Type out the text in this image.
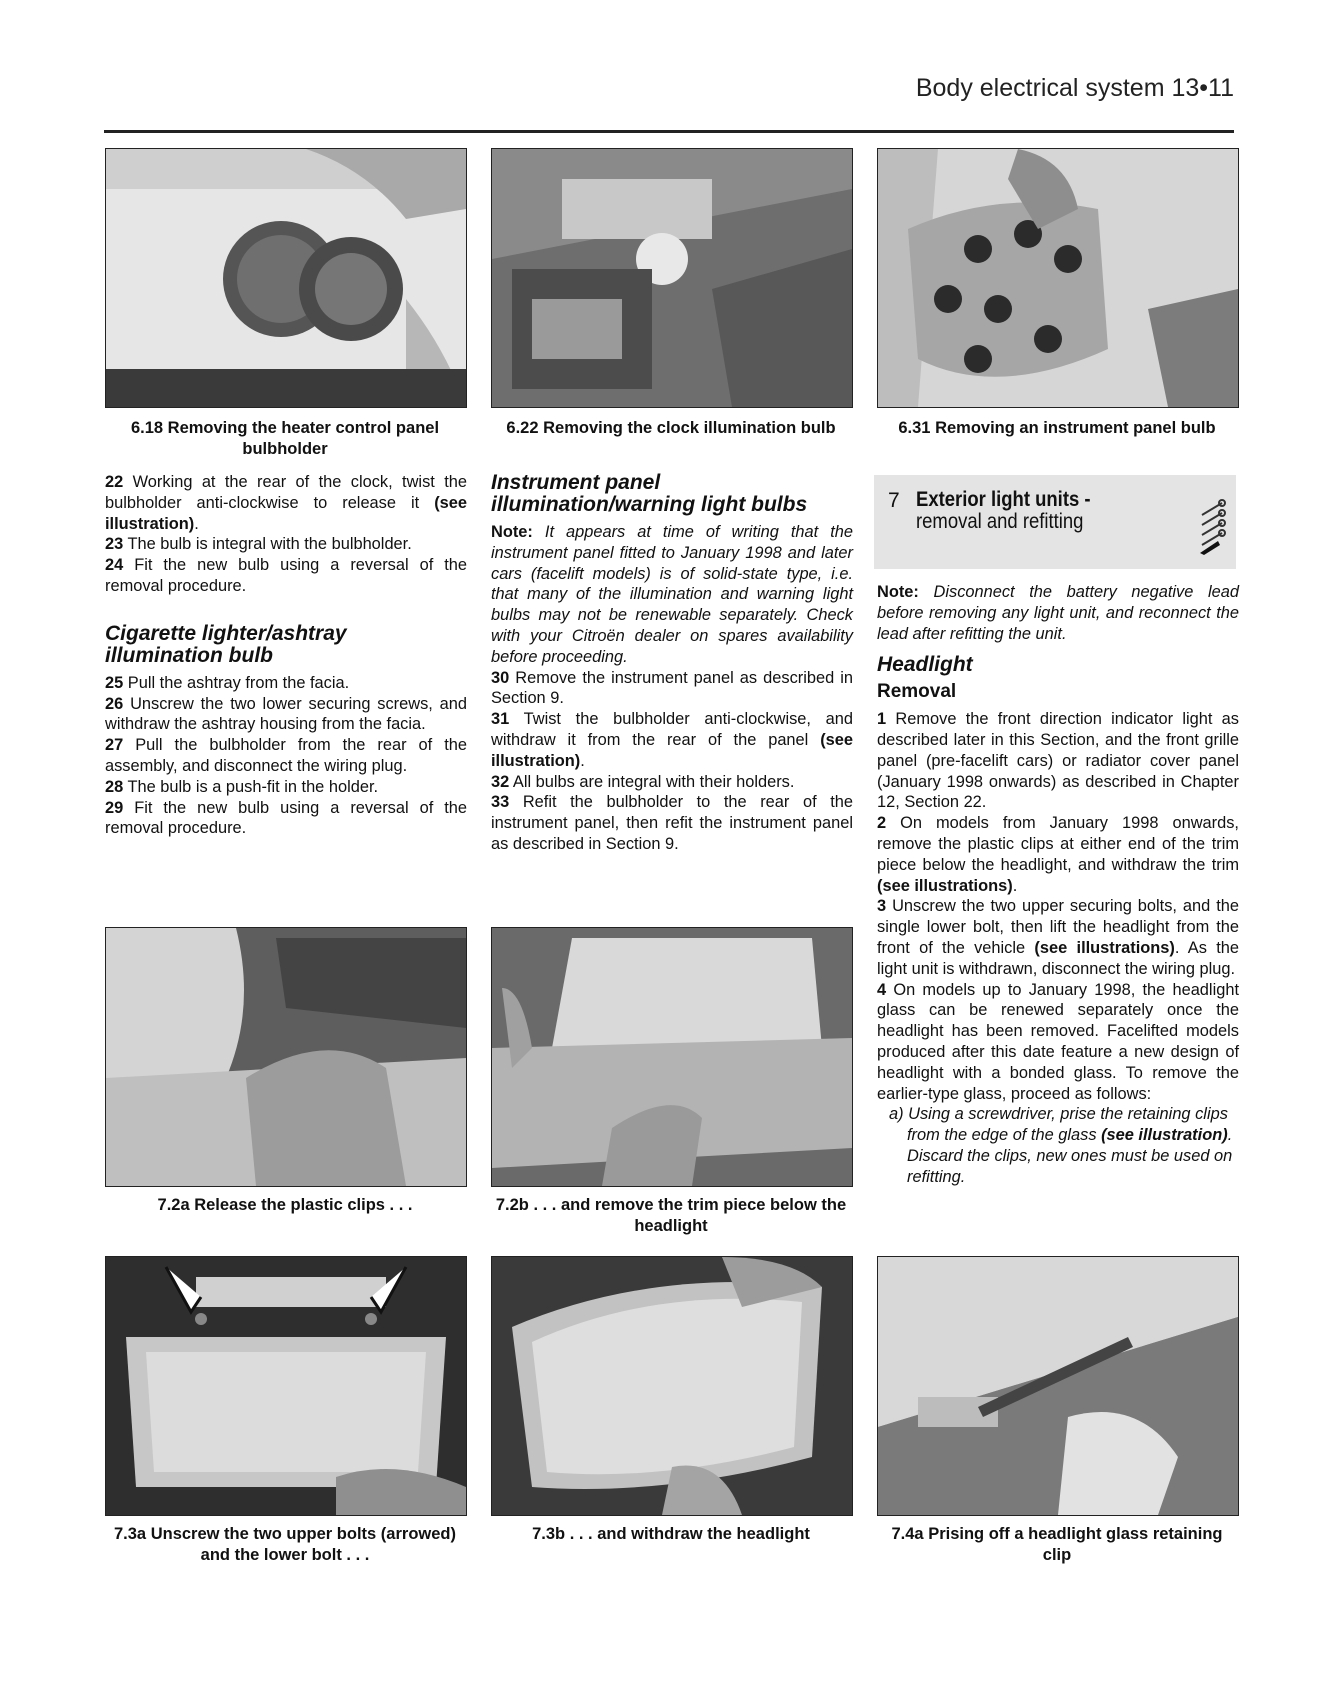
Body electrical system 13•11
6.18 Removing the heater control panel bulbholder
6.22 Removing the clock illumination bulb	6.31 Removing an instrument panel bulb

22 Working at the rear of the clock, twist the bulbholder anti-clockwise to release it (see illustration).

23 The bulb is integral with the bulbholder.

24 Fit the new bulb using a reversal of the removal procedure.

Cigarette lighter/ashtray illumination bulb

25 Pull the ashtray from the facia.

26 Unscrew the two lower securing screws, and withdraw the ashtray housing from the facia.

27 Pull the bulbholder from the rear of the assembly, and disconnect the wiring plug.

28 The bulb is a push-fit in the holder.

29 Fit the new bulb using a reversal of the removal procedure.

Instrument panel illumination/warning light bulbs

Note: It appears at time of writing that the instrument panel fitted to January 1998 and later cars (facelift models) is of solid-state type, i.e. that many of the illumination and warning light bulbs may not be renewable separately. Check with your Citroën dealer on spares availability before proceeding.

30 Remove the instrument panel as described in Section 9.

31 Twist the bulbholder anti-clockwise, and withdraw it from the rear of the panel (see illustration).

32 All bulbs are integral with their holders.

33 Refit the bulbholder to the rear of the instrument panel, then refit the instrument panel as described in Section 9.

7 Exterior light units -
removal and refitting

Note: Disconnect the battery negative lead before removing any light unit, and reconnect the lead after refitting the unit.

Headlight
Removal

1 Remove the front direction indicator light as described later in this Section, and the front grille panel (pre-facelift cars) or radiator cover panel (January 1998 onwards) as described in Chapter 12, Section 22.

2 On models from January 1998 onwards, remove the plastic clips at either end of the trim piece below the headlight, and withdraw the trim (see illustrations).

3 Unscrew the two upper securing bolts, and the single lower bolt, then lift the headlight from the front of the vehicle (see illustrations). As the light unit is withdrawn, disconnect the wiring plug.

4 On models up to January 1998, the headlight glass can be renewed separately once the headlight has been removed. Facelifted models produced after this date feature a new design of headlight with a bonded glass. To remove the earlier-type glass, proceed as follows:

a) Using a screwdriver, prise the retaining clips from the edge of the glass (see illustration). Discard the clips, new ones must be used on refitting.

7.2a Release the plastic clips . . .	7.2b . . . and remove the trim piece below the headlight
7.3a Unscrew the two upper bolts (arrowed) and the lower bolt . . .
7.3b . . . and withdraw the headlight	7.4a Prising off a headlight glass retaining clip
